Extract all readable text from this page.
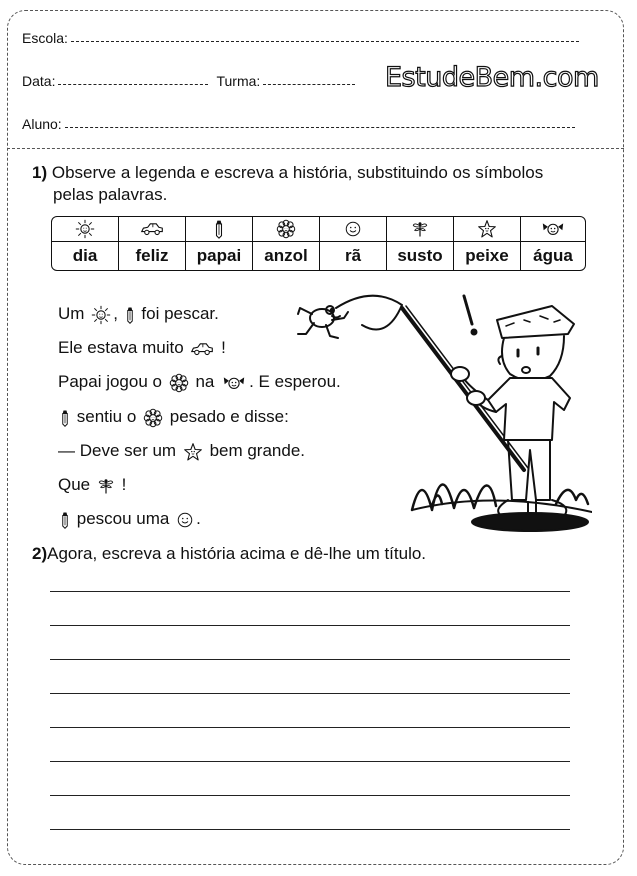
Escola:
Data:	Turma:	EstudeBem.com
Aluno:
1) Observe a legenda e escreva a história, substituindo os símbolos
pelas palavras.

dia	feliz	papai	anzol	rã	susto	peixe	água
Um , foi pescar.
Ele estava muito !
Papai jogou o na . E esperou.
sentiu o pesado e disse:
— Deve ser um bem grande.
Que !
pescou uma .
2)Agora, escreva a história acima e dê-lhe um título.
